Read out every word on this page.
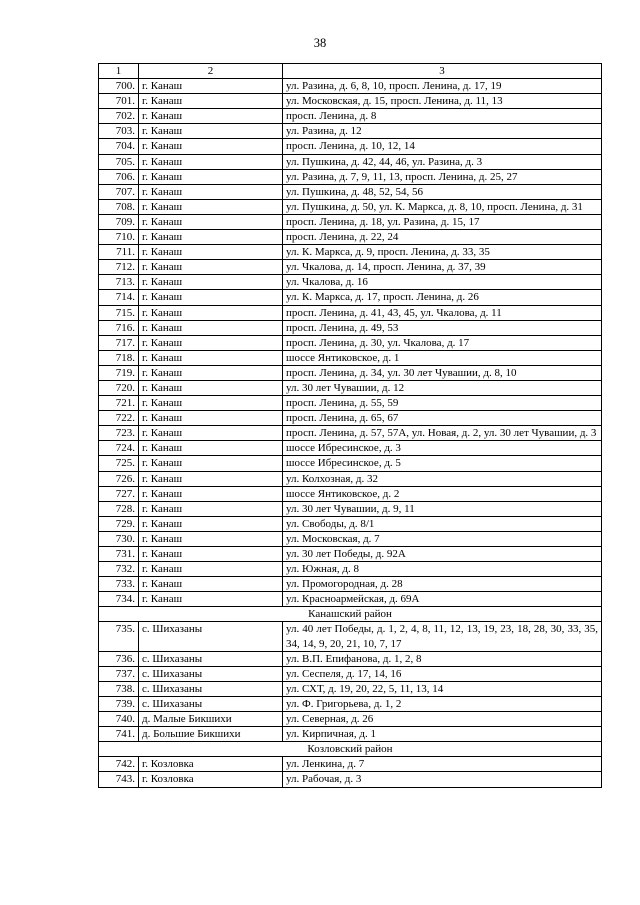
38
1	2	3
700.	г. Канаш	ул. Разина, д. 6, 8, 10, просп. Ленина, д. 17, 19
701.	г. Канаш	ул. Московская, д. 15, просп. Ленина, д. 11, 13
702.	г. Канаш	просп. Ленина, д. 8
703.	г. Канаш	ул. Разина, д. 12
704.	г. Канаш	просп. Ленина, д. 10, 12, 14
705.	г. Канаш	ул. Пушкина, д. 42, 44, 46, ул. Разина, д. 3
706.	г. Канаш	ул. Разина, д. 7, 9, 11, 13, просп. Ленина, д. 25, 27
707.	г. Канаш	ул. Пушкина, д. 48, 52, 54, 56
708.	г. Канаш	ул. Пушкина, д. 50, ул. К. Маркса, д. 8, 10, просп. Ленина, д. 31
709.	г. Канаш	просп. Ленина, д. 18, ул. Разина, д. 15, 17
710.	г. Канаш	просп. Ленина, д. 22, 24
711.	г. Канаш	ул. К. Маркса, д. 9, просп. Ленина, д. 33, 35
712.	г. Канаш	ул. Чкалова, д. 14, просп. Ленина, д. 37, 39
713.	г. Канаш	ул. Чкалова, д. 16
714.	г. Канаш	ул. К. Маркса, д. 17, просп. Ленина, д. 26
715.	г. Канаш	просп. Ленина, д. 41, 43, 45, ул. Чкалова, д. 11
716.	г. Канаш	просп. Ленина, д. 49, 53
717.	г. Канаш	просп. Ленина, д. 30, ул. Чкалова, д. 17
718.	г. Канаш	шоссе Янтиковское, д. 1
719.	г. Канаш	просп. Ленина, д. 34, ул. 30 лет Чувашии, д. 8, 10
720.	г. Канаш	ул. 30 лет Чувашии, д. 12
721.	г. Канаш	просп. Ленина, д. 55, 59
722.	г. Канаш	просп. Ленина, д. 65, 67
723.	г. Канаш	просп. Ленина, д. 57, 57А, ул. Новая, д. 2, ул. 30 лет Чувашии, д. 3
724.	г. Канаш	шоссе Ибресинское, д. 3
725.	г. Канаш	шоссе Ибресинское, д. 5
726.	г. Канаш	ул. Колхозная, д. 32
727.	г. Канаш	шоссе Янтиковское, д. 2
728.	г. Канаш	ул. 30 лет Чувашии, д. 9, 11
729.	г. Канаш	ул. Свободы, д. 8/1
730.	г. Канаш	ул. Московская, д. 7
731.	г. Канаш	ул. 30 лет Победы, д. 92А
732.	г. Канаш	ул. Южная, д. 8
733.	г. Канаш	ул. Промогородная, д. 28
734.	г. Канаш	ул. Красноармейская, д. 69А
Канашский район		
735.	с. Шихазаны	ул. 40 лет Победы, д. 1, 2, 4, 8, 11, 12, 13, 19, 23, 18, 28, 30, 33, 35, 34, 14, 9, 20, 21, 10, 7, 17
736.	с. Шихазаны	ул. В.П. Епифанова, д. 1, 2, 8
737.	с. Шихазаны	ул. Сеспеля, д. 17, 14, 16
738.	с. Шихазаны	ул. СХТ, д. 19, 20, 22, 5, 11, 13, 14
739.	с. Шихазаны	ул. Ф. Григорьева, д. 1, 2
740.	д. Малые Бикшихи	ул. Северная, д. 26
741.	д. Большие Бикшихи	ул. Кирпичная, д. 1
Козловский район		
742.	г. Козловка	ул. Ленкина, д. 7
743.	г. Козловка	ул. Рабочая, д. 3
